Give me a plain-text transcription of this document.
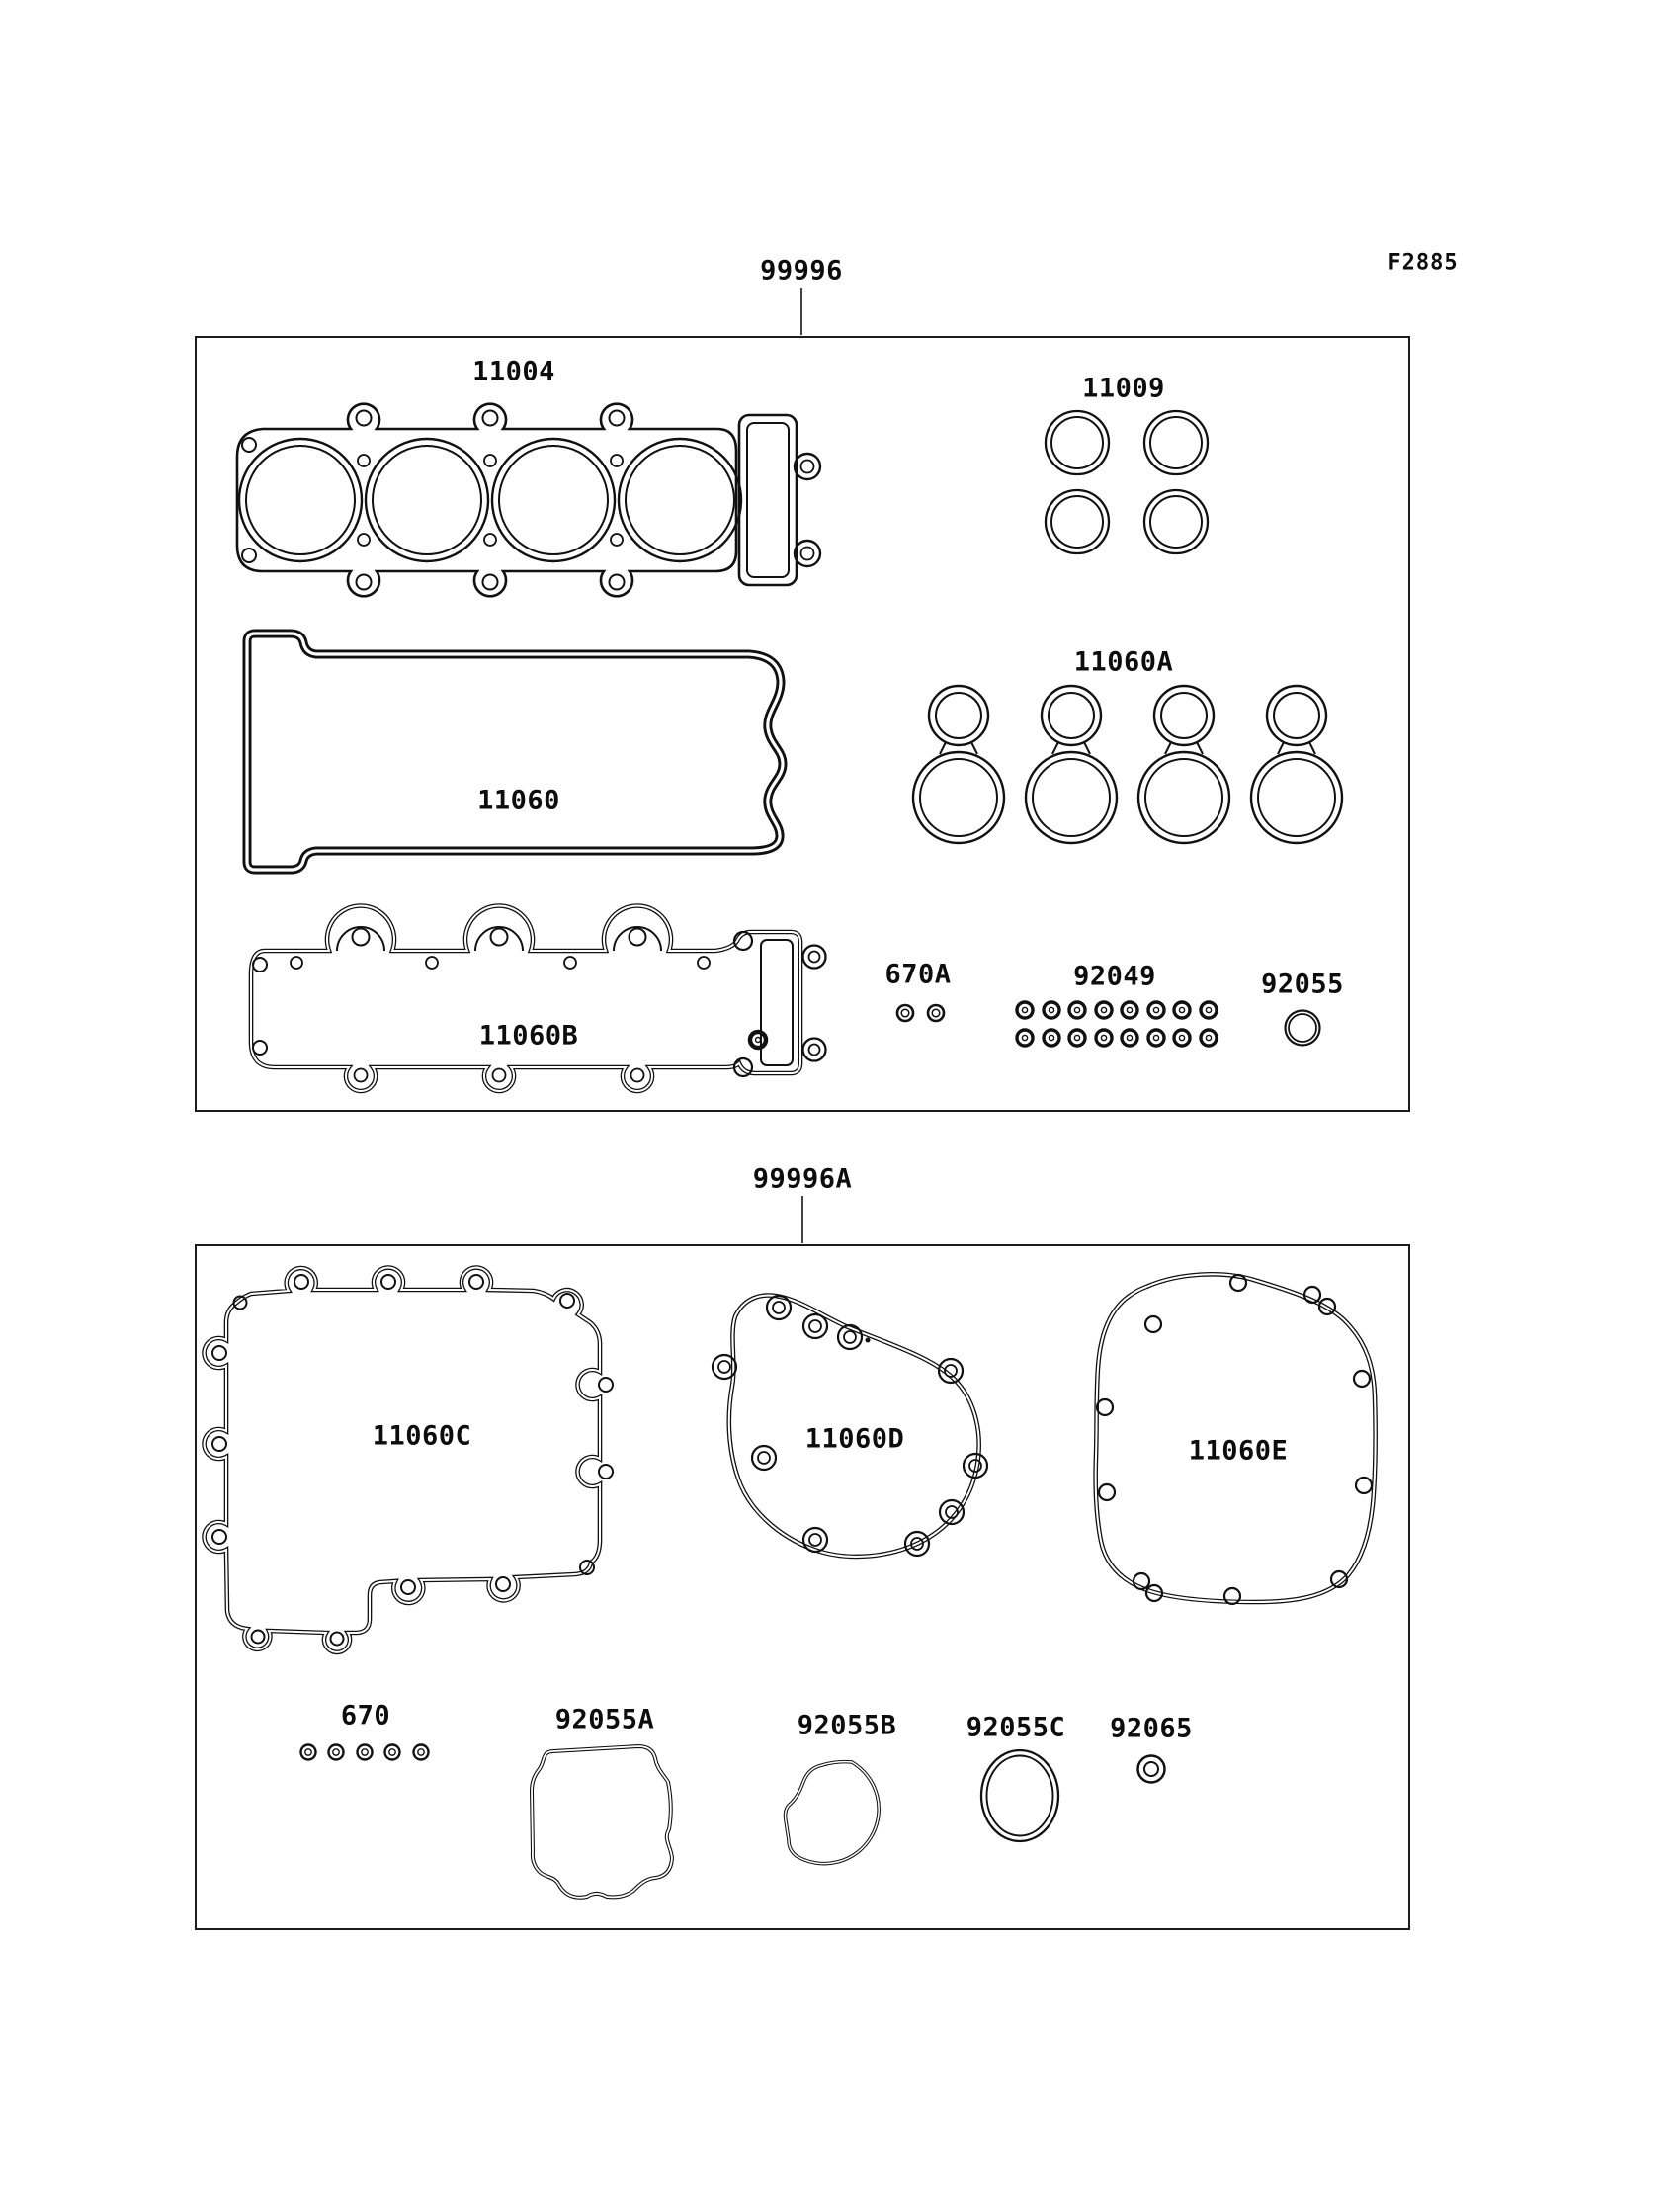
F2885
99996
99996A
11004
11009
11060
11060A
11060B
670A	92049	92055
11060C	11060D	11060E
670	92055A	92055B	92055C 92065
